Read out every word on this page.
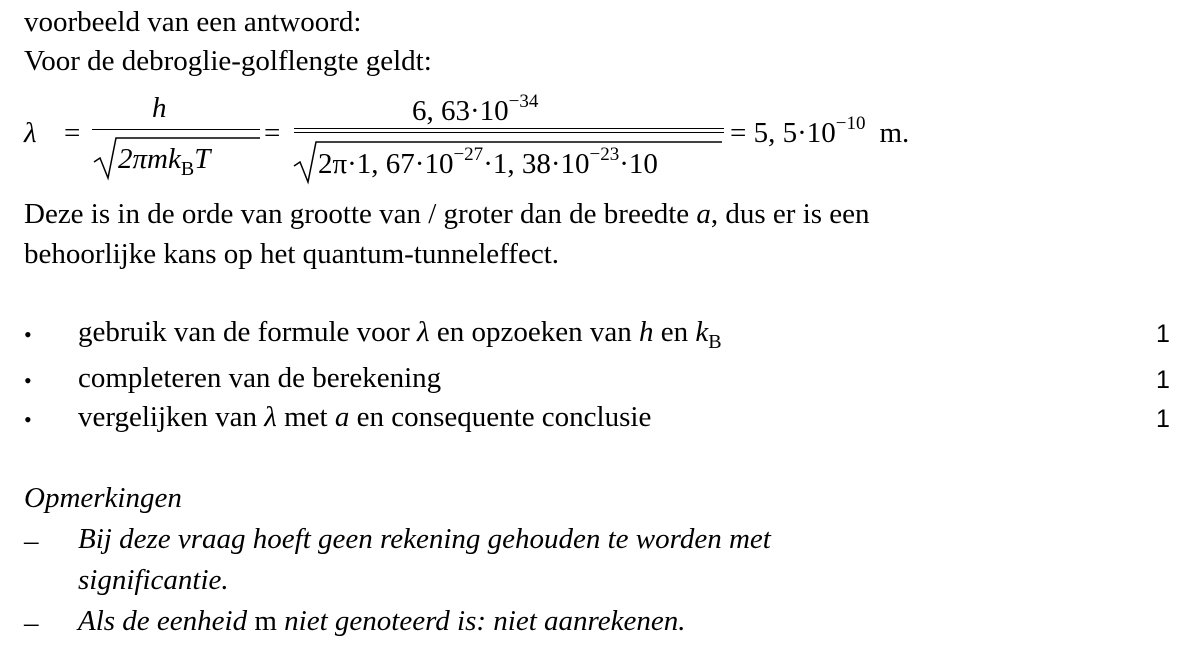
voorbeeld van een antwoord:
Voor de debroglie-golflengte geldt:
λ =
h
2πmk$_B$T
=
6, $63\cdot 10^{-34}$
2π·1, $67\cdot 10^{-27}\cdot 1$, $38\cdot 10^{-23}\cdot 10$
= 5, $5\cdot 10^{-10}$ m.
Deze is in de orde van grootte van / groter dan de breedte a, dus er is een
behoorlijke kans op het quantum-tunneleffect.
• gebruik van de formule voor λ en opzoeken van h en $k_B$	1
• completeren van de berekening	1
• vergelijken van λ met a en consequente conclusie	1
Opmerkingen
– Bij deze vraag hoeft geen rekening gehouden te worden met
significantie.
– Als de eenheid m niet genoteerd is: niet aanrekenen.
